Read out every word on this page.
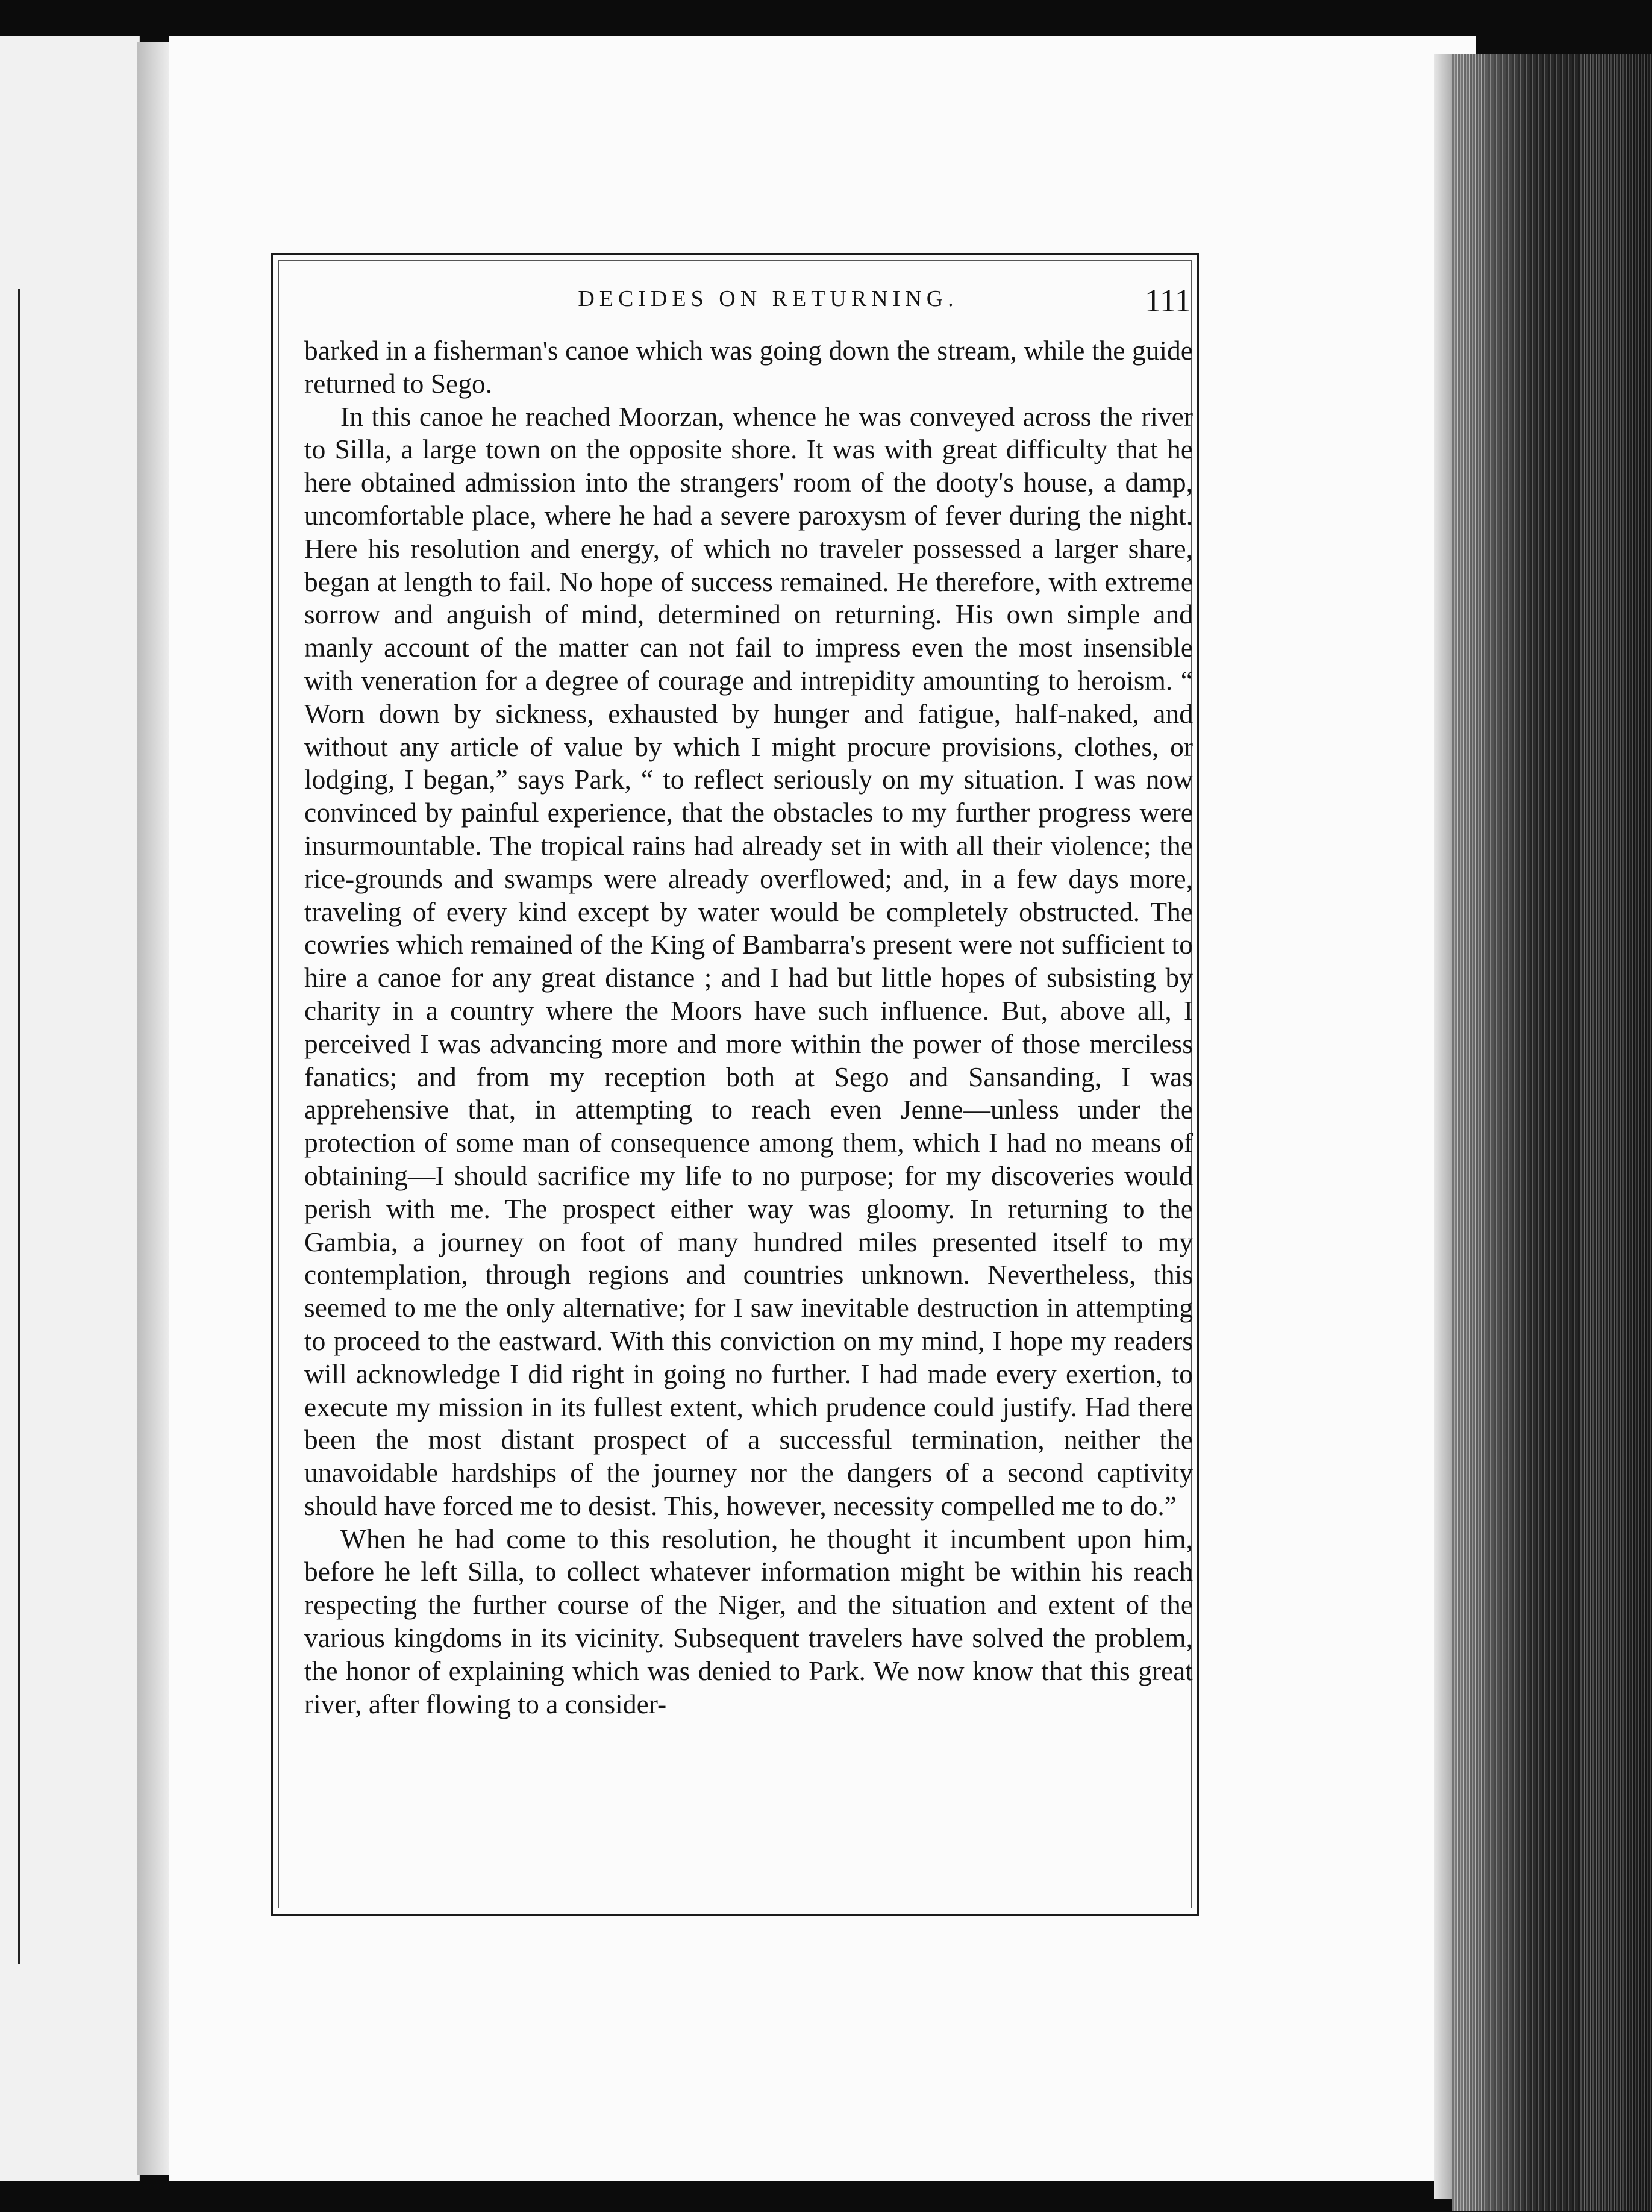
DECIDES ON RETURNING.	111

barked in a fisherman's canoe which was going down the stream, while the guide returned to Sego.

In this canoe he reached Moorzan, whence he was conveyed across the river to Silla, a large town on the opposite shore. It was with great difficulty that he here obtained admission into the strangers' room of the dooty's house, a damp, uncomfortable place, where he had a severe paroxysm of fever during the night. Here his resolution and energy, of which no traveler possessed a larger share, began at length to fail. No hope of success remained. He therefore, with extreme sorrow and anguish of mind, determined on returning. His own simple and manly account of the matter can not fail to impress even the most insensible with veneration for a degree of courage and intrepidity amounting to heroism. “ Worn down by sickness, exhausted by hunger and fatigue, half-naked, and without any article of value by which I might procure provisions, clothes, or lodging, I began,” says Park, “ to reflect seriously on my situation. I was now convinced by painful experience, that the obstacles to my further progress were insurmountable. The tropical rains had already set in with all their violence; the rice-grounds and swamps were already overflowed; and, in a few days more, traveling of every kind except by water would be completely obstructed. The cowries which remained of the King of Bambarra's present were not sufficient to hire a canoe for any great distance ; and I had but little hopes of subsisting by charity in a country where the Moors have such influence. But, above all, I perceived I was advancing more and more within the power of those merciless fanatics; and from my reception both at Sego and Sansanding, I was apprehensive that, in attempting to reach even Jenne—unless under the protection of some man of consequence among them, which I had no means of obtaining—I should sacrifice my life to no purpose; for my discoveries would perish with me. The prospect either way was gloomy. In returning to the Gambia, a journey on foot of many hundred miles presented itself to my contemplation, through regions and countries unknown. Nevertheless, this seemed to me the only alternative; for I saw inevitable destruction in attempting to proceed to the eastward. With this conviction on my mind, I hope my readers will acknowledge I did right in going no further. I had made every exertion, to execute my mission in its fullest extent, which prudence could justify. Had there been the most distant prospect of a successful termination, neither the unavoidable hardships of the journey nor the dangers of a second captivity should have forced me to desist. This, however, necessity compelled me to do.”

When he had come to this resolution, he thought it incumbent upon him, before he left Silla, to collect whatever information might be within his reach respecting the further course of the Niger, and the situation and extent of the various kingdoms in its vicinity. Subsequent travelers have solved the problem, the honor of explaining which was denied to Park. We now know that this great river, after flowing to a consider-
